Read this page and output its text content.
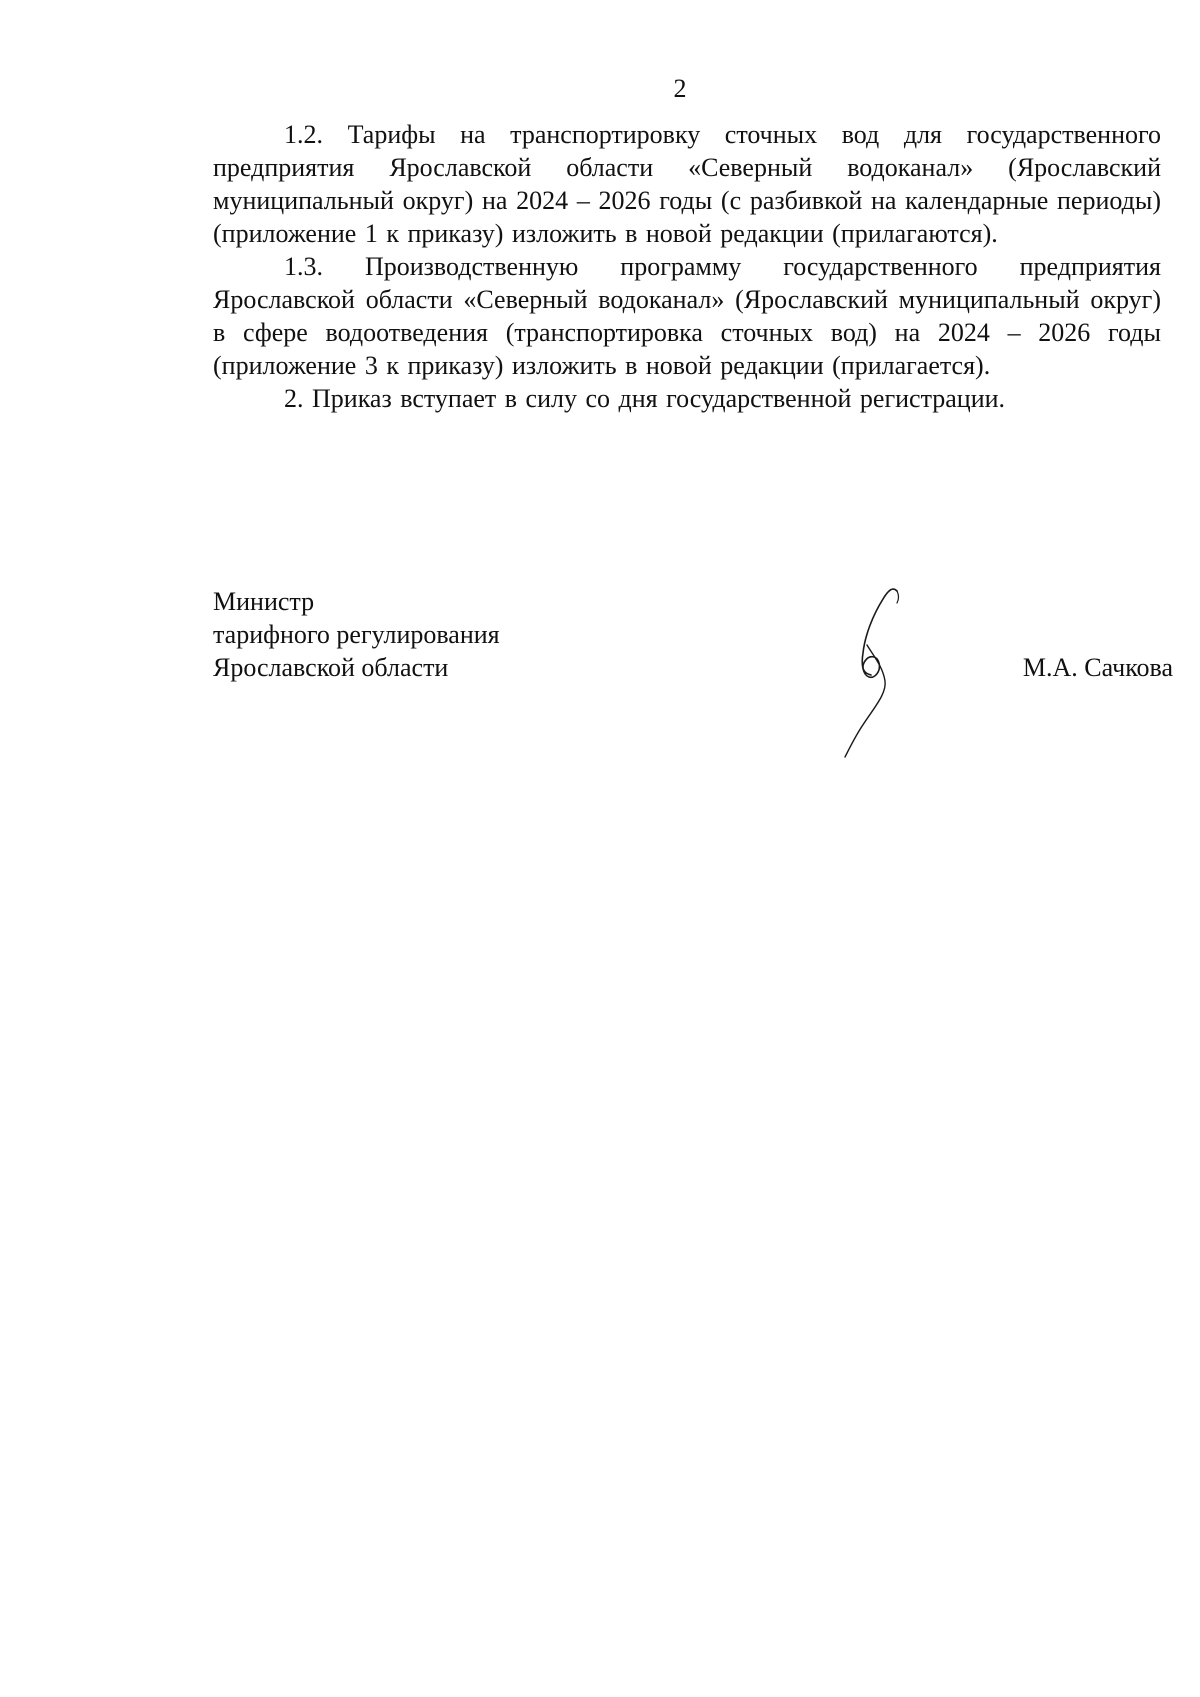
2

1.2. Тарифы на транспортировку сточных вод для государственного предприятия Ярославской области «Северный водоканал» (Ярославский муниципальный округ) на 2024 – 2026 годы (с разбивкой на календарные периоды) (приложение 1 к приказу) изложить в новой редакции (прилагаются).

1.3. Производственную программу государственного предприятия Ярославской области «Северный водоканал» (Ярославский муниципальный округ) в сфере водоотведения (транспортировка сточных вод) на 2024 – 2026 годы (приложение 3 к приказу) изложить в новой редакции (прилагается).

2. Приказ вступает в силу со дня государственной регистрации.

Министр
тарифного регулирования
Ярославской области	М.А. Сачкова
